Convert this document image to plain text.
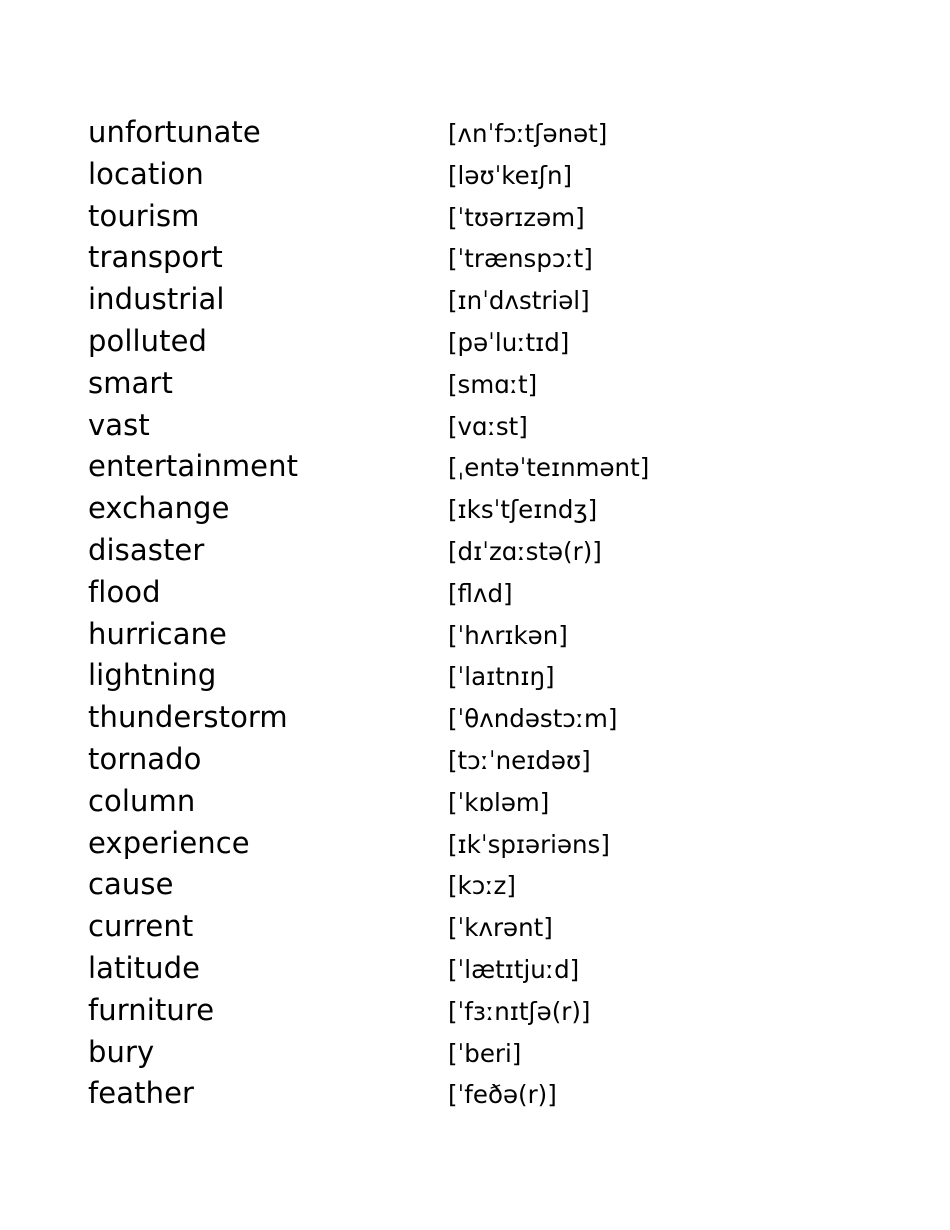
unfortunate	[ʌnˈfɔːtʃənət]
location	[ləʊˈkeɪʃn]
tourism	[ˈtʊərɪzəm]
transport	[ˈtrænspɔːt]
industrial	[ɪnˈdʌstriəl]
polluted	[pəˈluːtɪd]
smart	[smɑːt]
vast	[vɑːst]
entertainment	[ˌentəˈteɪnmənt]
exchange	[ɪksˈtʃeɪndʒ]
disaster	[dɪˈzɑːstə(r)]
flood	[flʌd]
hurricane	[ˈhʌrɪkən]
lightning	[ˈlaɪtnɪŋ]
thunderstorm	[ˈθʌndəstɔːm]
tornado	[tɔːˈneɪdəʊ]
column	[ˈkɒləm]
experience	[ɪkˈspɪəriəns]
cause	[kɔːz]
current	[ˈkʌrənt]
latitude	[ˈlætɪtjuːd]
furniture	[ˈfɜːnɪtʃə(r)]
bury	[ˈberi]
feather	[ˈfeðə(r)]
